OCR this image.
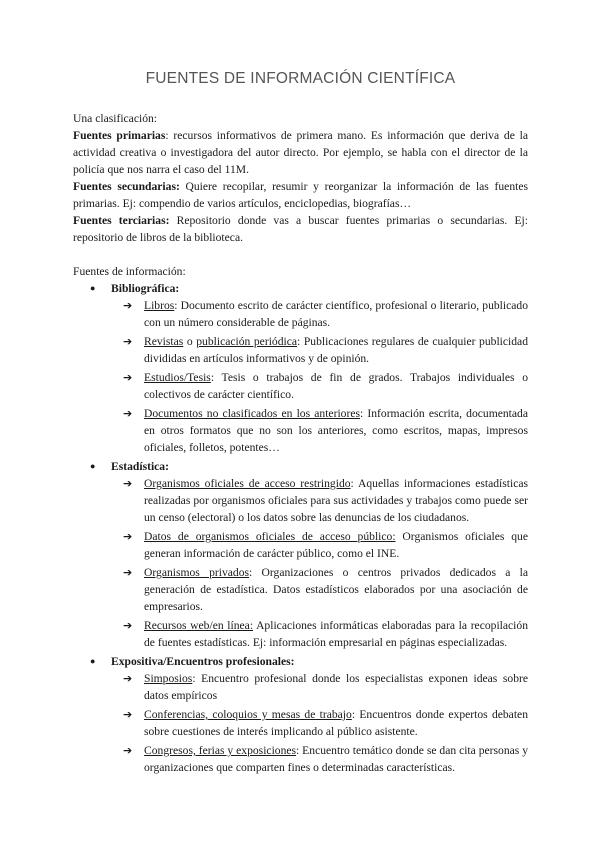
FUENTES DE INFORMACIÓN CIENTÍFICA

Una clasificación:

Fuentes primarias: recursos informativos de primera mano. Es información que deriva de la actividad creativa o investigadora del autor directo. Por ejemplo, se habla con el director de la policía que nos narra el caso del 11M.

Fuentes secundarias: Quiere recopilar, resumir y reorganizar la información de las fuentes primarias. Ej: compendio de varios artículos, enciclopedias, biografías…

Fuentes terciarias: Repositorio donde vas a buscar fuentes primarias o secundarias. Ej: repositorio de libros de la biblioteca.

Fuentes de información:

● Bibliográfica:
➔ Libros: Documento escrito de carácter científico, profesional o literario, publicado con un número considerable de páginas.
➔ Revistas o publicación periódica: Publicaciones regulares de cualquier publicidad divididas en artículos informativos y de opinión.
➔ Estudios/Tesis: Tesis o trabajos de fin de grados. Trabajos individuales o colectivos de carácter científico.
➔ Documentos no clasificados en los anteriores: Información escrita, documentada en otros formatos que no son los anteriores, como escritos, mapas, impresos oficiales, folletos, potentes…
● Estadística:
➔ Organismos oficiales de acceso restringido: Aquellas informaciones estadísticas realizadas por organismos oficiales para sus actividades y trabajos como puede ser un censo (electoral) o los datos sobre las denuncias de los ciudadanos.
➔ Datos de organismos oficiales de acceso público: Organismos oficiales que generan información de carácter público, como el INE.
➔ Organismos privados: Organizaciones o centros privados dedicados a la generación de estadística. Datos estadísticos elaborados por una asociación de empresarios.
➔ Recursos web/en línea: Aplicaciones informáticas elaboradas para la recopilación de fuentes estadísticas. Ej: información empresarial en páginas especializadas.
● Expositiva/Encuentros profesionales:
➔ Simposios: Encuentro profesional donde los especialistas exponen ideas sobre datos empíricos
➔ Conferencias, coloquios y mesas de trabajo: Encuentros donde expertos debaten sobre cuestiones de interés implicando al público asistente.
➔ Congresos, ferias y exposiciones: Encuentro temático donde se dan cita personas y organizaciones que comparten fines o determinadas características.
